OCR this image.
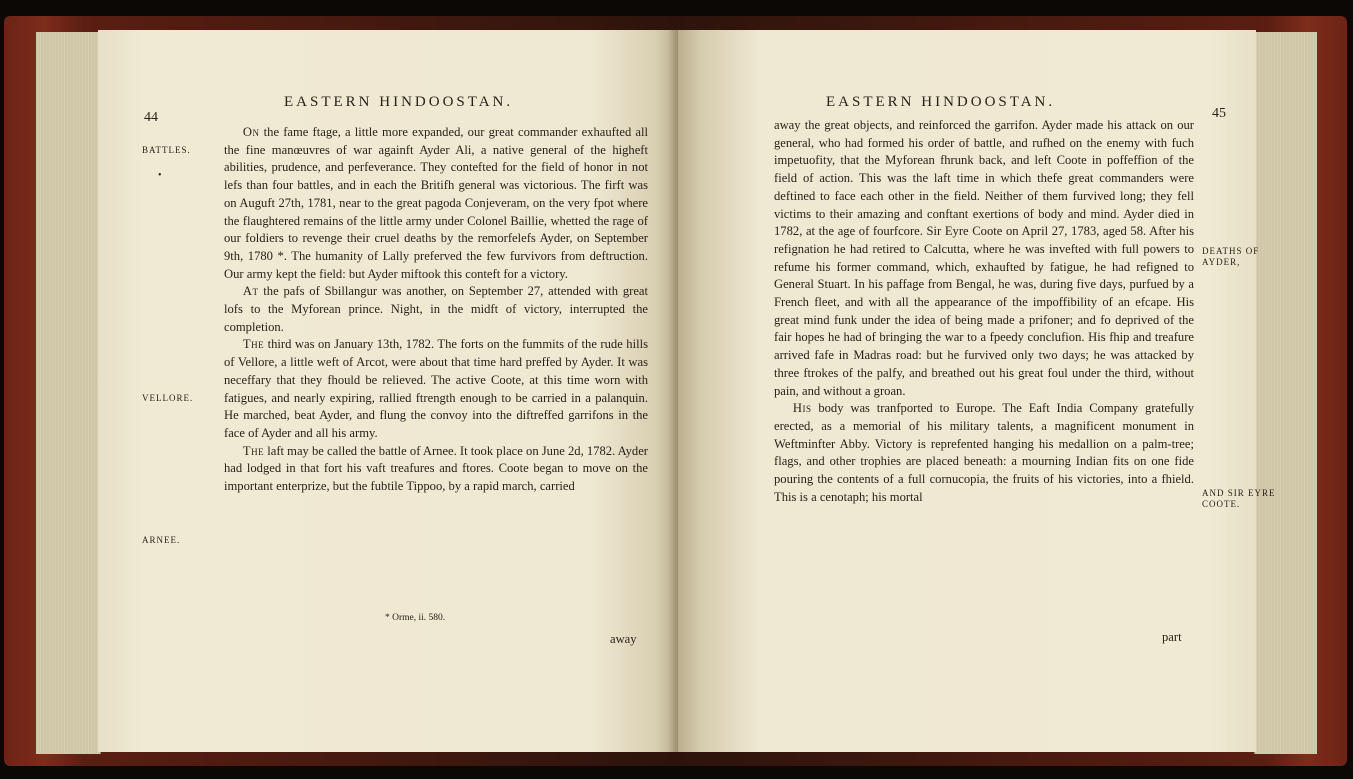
44
EASTERN HINDOOSTAN.
BATTLES.
•
VELLORE.
ARNEE.

On the fame ftage, a little more expanded, our great commander exhaufted all the fine manœuvres of war againft Ayder Ali, a native general of the higheft abilities, prudence, and perfeverance. They contefted for the field of honor in not lefs than four battles, and in each the Britifh general was victorious. The firft was on Auguft 27th, 1781, near to the great pagoda Conjeveram, on the very fpot where the flaughtered remains of the little army under Colonel Baillie, whetted the rage of our foldiers to revenge their cruel deaths by the remorfelefs Ayder, on September 9th, 1780 *. The humanity of Lally preferved the few furvivors from deftruction. Our army kept the field: but Ayder miftook this conteft for a victory.

At the pafs of Sbillangur was another, on September 27, attended with great lofs to the Myforean prince. Night, in the midft of victory, interrupted the completion.

The third was on January 13th, 1782. The forts on the fummits of the rude hills of Vellore, a little weft of Arcot, were about that time hard preffed by Ayder. It was neceffary that they fhould be relieved. The active Coote, at this time worn with fatigues, and nearly expiring, rallied ftrength enough to be carried in a palanquin. He marched, beat Ayder, and flung the convoy into the diftreffed garrifons in the face of Ayder and all his army.

The laft may be called the battle of Arnee. It took place on June 2d, 1782. Ayder had lodged in that fort his vaft treafures and ftores. Coote began to move on the important enterprize, but the fubtile Tippoo, by a rapid march, carried

* Orme, ii. 580.
away
EASTERN HINDOOSTAN.
45

away the great objects, and reinforced the garrifon. Ayder made his attack on our general, who had formed his order of battle, and rufhed on the enemy with fuch impetuofity, that the Myforean fhrunk back, and left Coote in poffeffion of the field of action. This was the laft time in which thefe great commanders were deftined to face each other in the field. Neither of them furvived long; they fell victims to their amazing and conftant exertions of body and mind. Ayder died in 1782, at the age of fourfcore. Sir Eyre Coote on April 27, 1783, aged 58. After his refignation he had retired to Calcutta, where he was invefted with full powers to refume his former command, which, exhaufted by fatigue, he had refigned to General Stuart. In his paffage from Bengal, he was, during five days, purfued by a French fleet, and with all the appearance of the impoffibility of an efcape. His great mind funk under the idea of being made a prifoner; and fo deprived of the fair hopes he had of bringing the war to a fpeedy conclufion. His fhip and treafure arrived fafe in Madras road: but he furvived only two days; he was attacked by three ftrokes of the palfy, and breathed out his great foul under the third, without pain, and without a groan.

His body was tranfported to Europe. The Eaft India Company gratefully erected, as a memorial of his military talents, a magnificent monument in Weftminfter Abby. Victory is reprefented hanging his medallion on a palm-tree; flags, and other trophies are placed beneath: a mourning Indian fits on one fide pouring the contents of a full cornucopia, the fruits of his victories, into a fhield. This is a cenotaph; his mortal

DEATHS OF
AYDER,
AND SIR EYRE
COOTE.
part
